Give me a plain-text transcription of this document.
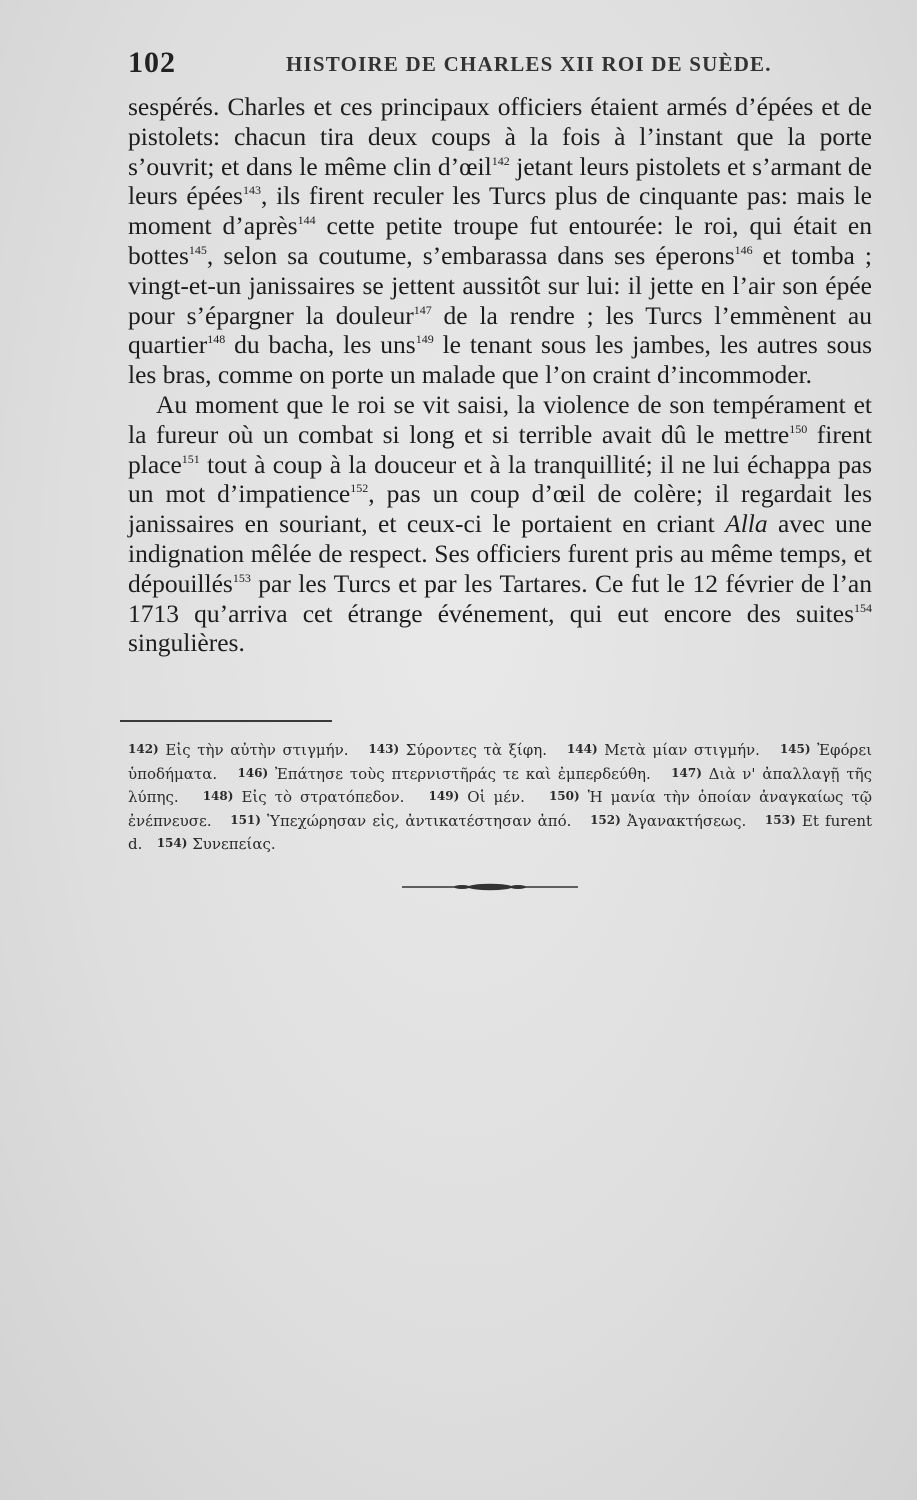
102	HISTOIRE DE CHARLES XII ROI DE SUÈDE.

sespérés. Charles et ces principaux officiers étaient armés d’épées et de pistolets: chacun tira deux coups à la fois à l’instant que la porte s’ouvrit; et dans le même clin d’œil$^{142}$ jetant leurs pistolets et s’armant de leurs épées$^{143}$, ils firent reculer les Turcs plus de cinquante pas: mais le moment d’après$^{144}$ cette petite troupe fut entourée: le roi, qui était en bottes$^{145}$, selon sa coutume, s’embarassa dans ses éperons$^{146}$ et tomba ; vingt-et-un janissaires se jettent aussitôt sur lui: il jette en l’air son épée pour s’épargner la douleur$^{147}$ de la rendre ; les Turcs l’emmènent au quartier$^{148}$ du bacha, les uns$^{149}$ le tenant sous les jambes, les autres sous les bras, comme on porte un malade que l’on craint d’incommoder.

Au moment que le roi se vit saisi, la violence de son tempérament et la fureur où un combat si long et si terrible avait dû le mettre$^{150}$ firent place$^{151}$ tout à coup à la douceur et à la tranquillité; il ne lui échappa pas un mot d’impatience$^{152}$, pas un coup d’œil de colère; il regardait les janissaires en souriant, et ceux-ci le portaient en criant Alla avec une indignation mêlée de respect. Ses officiers furent pris au même temps, et dépouillés$^{153}$ par les Turcs et par les Tartares. Ce fut le 12 février de l’an 1713 qu’arriva cet étrange événement, qui eut encore des suites$^{154}$ singulières.

142) Εἰς τὴν αὐτὴν στιγμήν. 143) Σύροντες τὰ ξίφη. 144) Μετὰ μίαν στιγμήν. 145) Ἐφόρει ὑποδήματα. 146) Ἐπάτησε τοὺς πτερνιστῆράς τε καὶ ἐμπερδεύθη. 147) Διὰ ν' ἀπαλλαγῇ τῆς λύπης. 148) Εἰς τὸ στρατόπεδον. 149) Οἱ μέν. 150) Ἡ μανία τὴν ὁποίαν ἀναγκαίως τῷ ἐνέπνευσε. 151) Ὑπεχώρησαν εἰς, ἀντικατέστησαν ἀπό. 152) Ἀγανακτήσεως. 153) Et furent d. 154) Συνεπείας.
